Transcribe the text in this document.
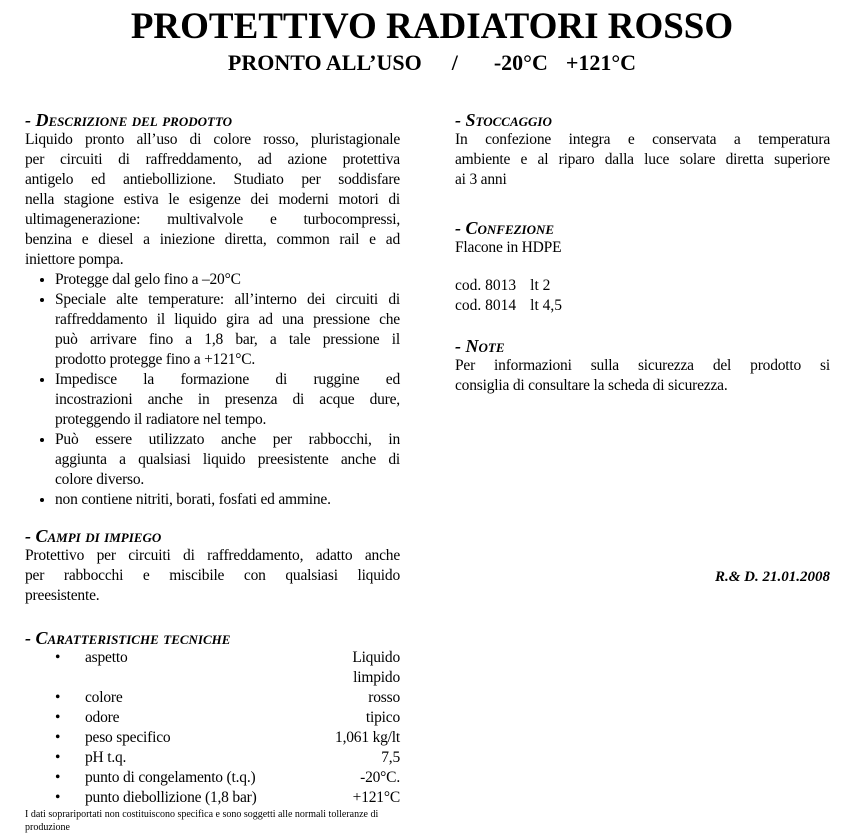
PROTETTIVO RADIATORI ROSSO
PRONTO ALL’USO / -20°C +121°C
- Descrizione del prodotto
Liquido pronto all’uso di colore rosso, pluristagionale
per circuiti di raffreddamento, ad azione protettiva
antigelo ed antiebollizione. Studiato per soddisfare
nella stagione estiva le esigenze dei moderni motori di
ultimagenerazione: multivalvole e turbocompressi,
benzina e diesel a iniezione diretta, common rail e ad
iniettore pompa.
• Protegge dal gelo fino a –20°C
• Speciale alte temperature: all’interno dei circuiti di
raffreddamento il liquido gira ad una pressione che
può arrivare fino a 1,8 bar, a tale pressione il
prodotto protegge fino a +121°C.
• Impedisce la formazione di ruggine ed
incostrazioni anche in presenza di acque dure,
proteggendo il radiatore nel tempo.
• Può essere utilizzato anche per rabbocchi, in
aggiunta a qualsiasi liquido preesistente anche di
colore diverso.
• non contiene nitriti, borati, fosfati ed ammine.
- Campi di impiego
Protettivo per circuiti di raffreddamento, adatto anche
per rabbocchi e miscibile con qualsiasi liquido
preesistente.
- Caratteristiche tecniche
•	aspetto	Liquido limpido
•	colore	rosso
•	odore	tipico
•	peso specifico	1,061 kg/lt
•	pH t.q.	7,5
•	punto di congelamento (t.q.)	-20°C.
•	punto diebollizione (1,8 bar)	+121°C
I dati soprariportati non costituiscono specifica e sono soggetti alle normali tolleranze di
produzione
- Stoccaggio
In confezione integra e conservata a temperatura
ambiente e al riparo dalla luce solare diretta superiore
ai 3 anni
- Confezione
Flacone in HDPE
cod. 8013 lt 2
cod. 8014 lt 4,5
- Note
Per informazioni sulla sicurezza del prodotto si
consiglia di consultare la scheda di sicurezza.
R.& D. 21.01.2008
